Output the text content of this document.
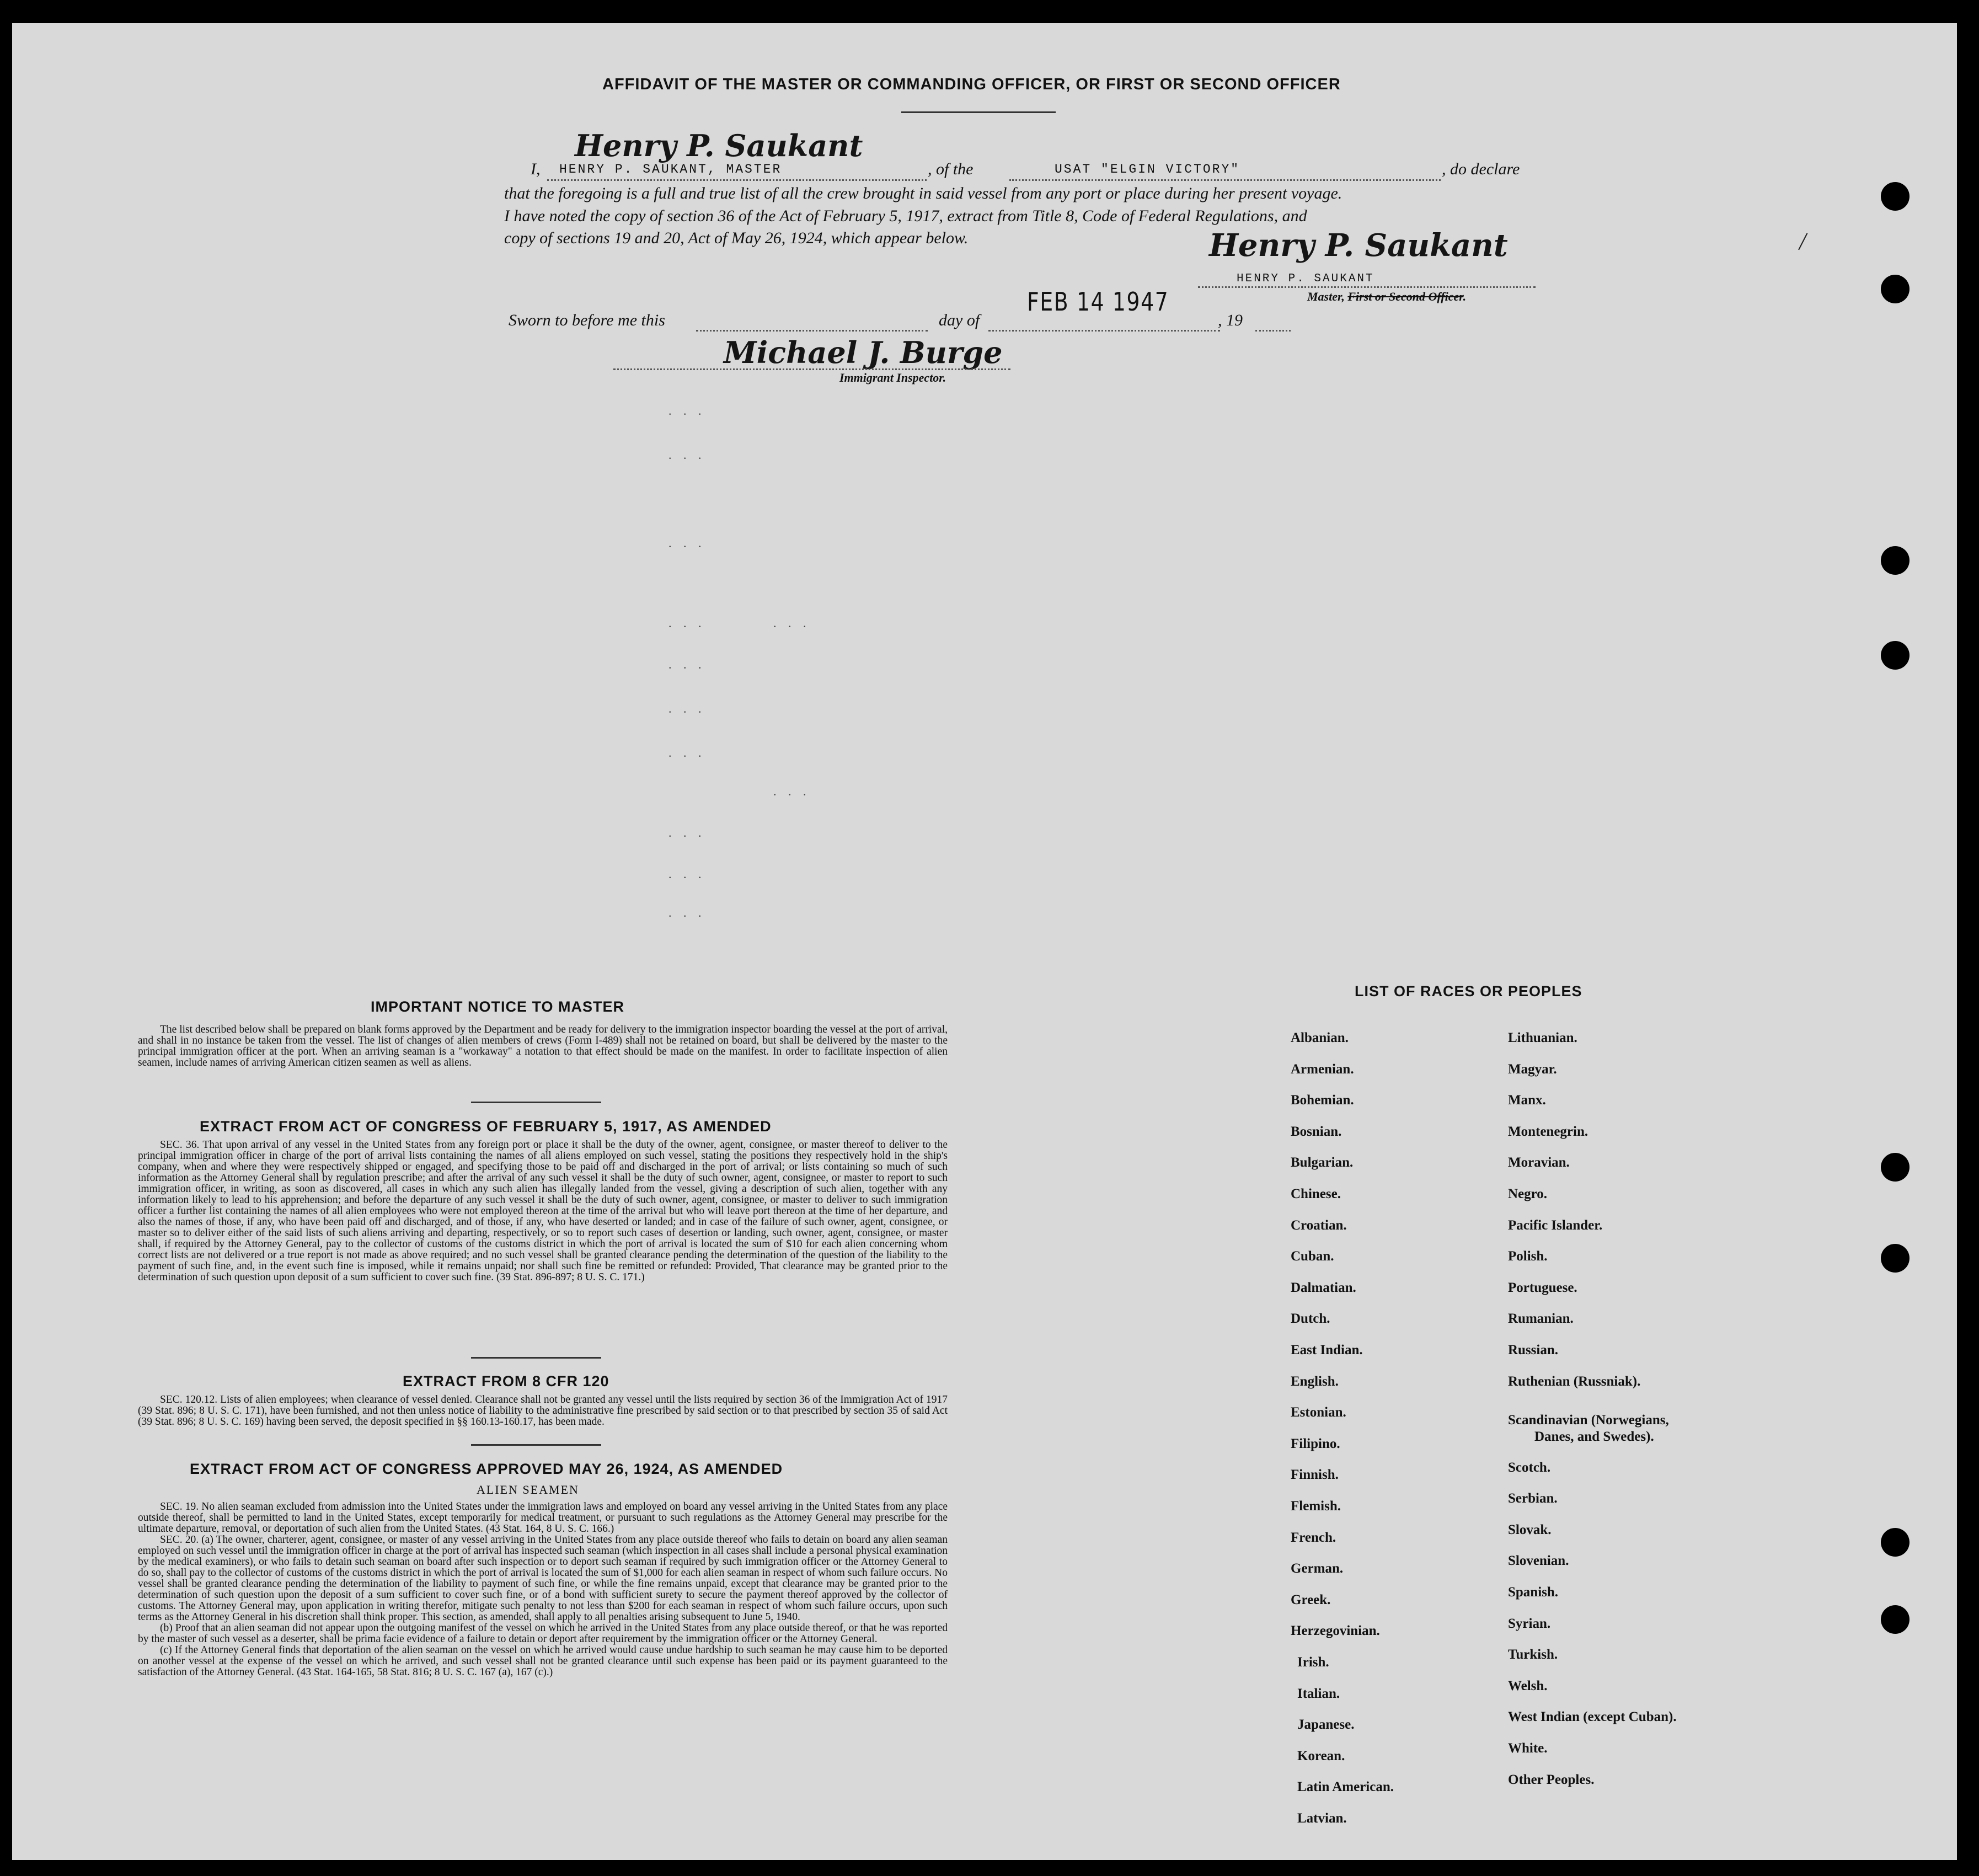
AFFIDAVIT OF THE MASTER OR COMMANDING OFFICER, OR FIRST OR SECOND OFFICER
I, HENRY P. SAUKANT, MASTER
Henry P. Saukant
, of the	USAT "ELGIN VICTORY"	, do declare
that the foregoing is a full and true list of all the crew brought in said vessel from any port or place during her present voyage.
I have noted the copy of section 36 of the Act of February 5, 1917, extract from Title 8, Code of Federal Regulations, and
copy of sections 19 and 20, Act of May 26, 1924, which appear below.	Henry P. Saukant
HENRY P. SAUKANT
Master, First or Second Officer.
Sworn to before me this	day of
FEB 14 1947
, 19
Michael J. Burge
Immigrant Inspector.
. . .
. . .
. . .
. . .	. . .
. . .
. . .
. . .
. . .
. . .
. . .
. . .
IMPORTANT NOTICE TO MASTER

The list described below shall be prepared on blank forms approved by the Department and be ready for delivery to the immigration inspector boarding the vessel at the port of arrival, and shall in no instance be taken from the vessel. The list of changes of alien members of crews (Form I-489) shall not be retained on board, but shall be delivered by the master to the principal immigration officer at the port. When an arriving seaman is a "workaway" a notation to that effect should be made on the manifest. In order to facilitate inspection of alien seamen, include names of arriving American citizen seamen as well as aliens.

EXTRACT FROM ACT OF CONGRESS OF FEBRUARY 5, 1917, AS AMENDED

SEC. 36. That upon arrival of any vessel in the United States from any foreign port or place it shall be the duty of the owner, agent, consignee, or master thereof to deliver to the principal immigration officer in charge of the port of arrival lists containing the names of all aliens employed on such vessel, stating the positions they respectively hold in the ship's company, when and where they were respectively shipped or engaged, and specifying those to be paid off and discharged in the port of arrival; or lists containing so much of such information as the Attorney General shall by regulation prescribe; and after the arrival of any such vessel it shall be the duty of such owner, agent, consignee, or master to report to such immigration officer, in writing, as soon as discovered, all cases in which any such alien has illegally landed from the vessel, giving a description of such alien, together with any information likely to lead to his apprehension; and before the departure of any such vessel it shall be the duty of such owner, agent, consignee, or master to deliver to such immigration officer a further list containing the names of all alien employees who were not employed thereon at the time of the arrival but who will leave port thereon at the time of her departure, and also the names of those, if any, who have been paid off and discharged, and of those, if any, who have deserted or landed; and in case of the failure of such owner, agent, consignee, or master so to deliver either of the said lists of such aliens arriving and departing, respectively, or so to report such cases of desertion or landing, such owner, agent, consignee, or master shall, if required by the Attorney General, pay to the collector of customs of the customs district in which the port of arrival is located the sum of $10 for each alien concerning whom correct lists are not delivered or a true report is not made as above required; and no such vessel shall be granted clearance pending the determination of the question of the liability to the payment of such fine, and, in the event such fine is imposed, while it remains unpaid; nor shall such fine be remitted or refunded: Provided, That clearance may be granted prior to the determination of such question upon deposit of a sum sufficient to cover such fine. (39 Stat. 896-897; 8 U. S. C. 171.)

EXTRACT FROM 8 CFR 120

SEC. 120.12. Lists of alien employees; when clearance of vessel denied. Clearance shall not be granted any vessel until the lists required by section 36 of the Immigration Act of 1917 (39 Stat. 896; 8 U. S. C. 171), have been furnished, and not then unless notice of liability to the administrative fine prescribed by said section or to that prescribed by section 35 of said Act (39 Stat. 896; 8 U. S. C. 169) having been served, the deposit specified in §§ 160.13-160.17, has been made.

EXTRACT FROM ACT OF CONGRESS APPROVED MAY 26, 1924, AS AMENDED
ALIEN SEAMEN

SEC. 19. No alien seaman excluded from admission into the United States under the immigration laws and employed on board any vessel arriving in the United States from any place outside thereof, shall be permitted to land in the United States, except temporarily for medical treatment, or pursuant to such regulations as the Attorney General may prescribe for the ultimate departure, removal, or deportation of such alien from the United States. (43 Stat. 164, 8 U. S. C. 166.)

SEC. 20. (a) The owner, charterer, agent, consignee, or master of any vessel arriving in the United States from any place outside thereof who fails to detain on board any alien seaman employed on such vessel until the immigration officer in charge at the port of arrival has inspected such seaman (which inspection in all cases shall include a personal physical examination by the medical examiners), or who fails to detain such seaman on board after such inspection or to deport such seaman if required by such immigration officer or the Attorney General to do so, shall pay to the collector of customs of the customs district in which the port of arrival is located the sum of $1,000 for each alien seaman in respect of whom such failure occurs. No vessel shall be granted clearance pending the determination of the liability to payment of such fine, or while the fine remains unpaid, except that clearance may be granted prior to the determination of such question upon the deposit of a sum sufficient to cover such fine, or of a bond with sufficient surety to secure the payment thereof approved by the collector of customs. The Attorney General may, upon application in writing therefor, mitigate such penalty to not less than $200 for each seaman in respect of whom such failure occurs, upon such terms as the Attorney General in his discretion shall think proper. This section, as amended, shall apply to all penalties arising subsequent to June 5, 1940.

(b) Proof that an alien seaman did not appear upon the outgoing manifest of the vessel on which he arrived in the United States from any place outside thereof, or that he was reported by the master of such vessel as a deserter, shall be prima facie evidence of a failure to detain or deport after requirement by the immigration officer or the Attorney General.

(c) If the Attorney General finds that deportation of the alien seaman on the vessel on which he arrived would cause undue hardship to such seaman he may cause him to be deported on another vessel at the expense of the vessel on which he arrived, and such vessel shall not be granted clearance until such expense has been paid or its payment guaranteed to the satisfaction of the Attorney General. (43 Stat. 164-165, 58 Stat. 816; 8 U. S. C. 167 (a), 167 (c).)

LIST OF RACES OR PEOPLES
Albanian.
Armenian.
Bohemian.
Bosnian.
Bulgarian.
Chinese.
Croatian.
Cuban.
Dalmatian.
Dutch.
East Indian.
English.
Estonian.
Filipino.
Finnish.
Flemish.
French.
German.
Greek.
Herzegovinian.
Irish.
Italian.
Japanese.
Korean.
Latin American.
Latvian.
Lithuanian.
Magyar.
Manx.
Montenegrin.
Moravian.
Negro.
Pacific Islander.
Polish.
Portuguese.
Rumanian.
Russian.
Ruthenian (Russniak).
Scandinavian (Norwegians,
Danes, and Swedes).
Scotch.
Serbian.
Slovak.
Slovenian.
Spanish.
Syrian.
Turkish.
Welsh.
West Indian (except Cuban).
White.
Other Peoples.
/
